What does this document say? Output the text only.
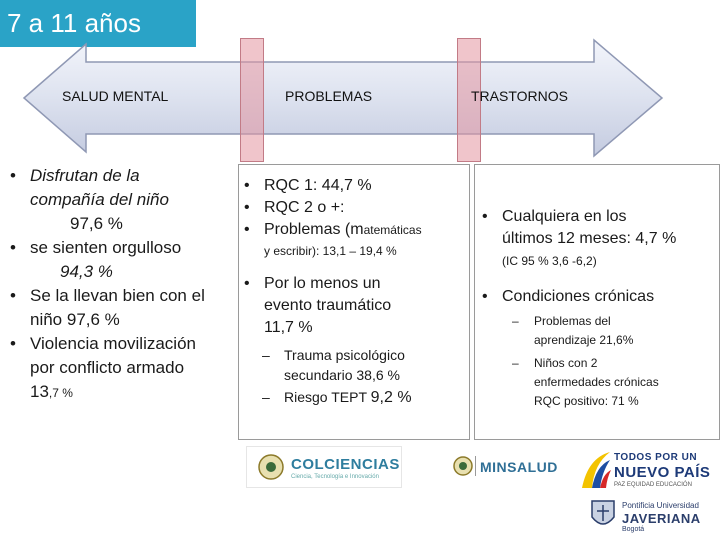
7 a 11 años
SALUD MENTAL	PROBLEMAS	TRASTORNOS
• Disfrutan de la
compañía del niño
97,6 %
• se sienten orgulloso
94,3 %
• Se la llevan bien con el
niño 97,6 %
• Violencia movilización
por conflicto armado
13,7 %
• RQC 1: 44,7 %
• RQC 2 o +:
• Problemas (matemáticas
y escribir): 13,1 – 19,4 %
• Por lo menos un
evento traumático
11,7 %
– Trauma psicológico
secundario 38,6 %
– Riesgo TEPT 9,2 %
• Cualquiera en los
últimos 12 meses: 4,7 %
(IC 95 % 3,6 -6,2)
• Condiciones crónicas
– Problemas del
aprendizaje 21,6%
– Niños con 2
enfermedades crónicas
RQC positivo: 71 %
COLCIENCIAS
Ciencia, Tecnología e Innovación
MINSALUD
TODOS POR UN
NUEVO PAÍS
PAZ EQUIDAD EDUCACIÓN
Pontificia Universidad
JAVERIANA
Bogotá
